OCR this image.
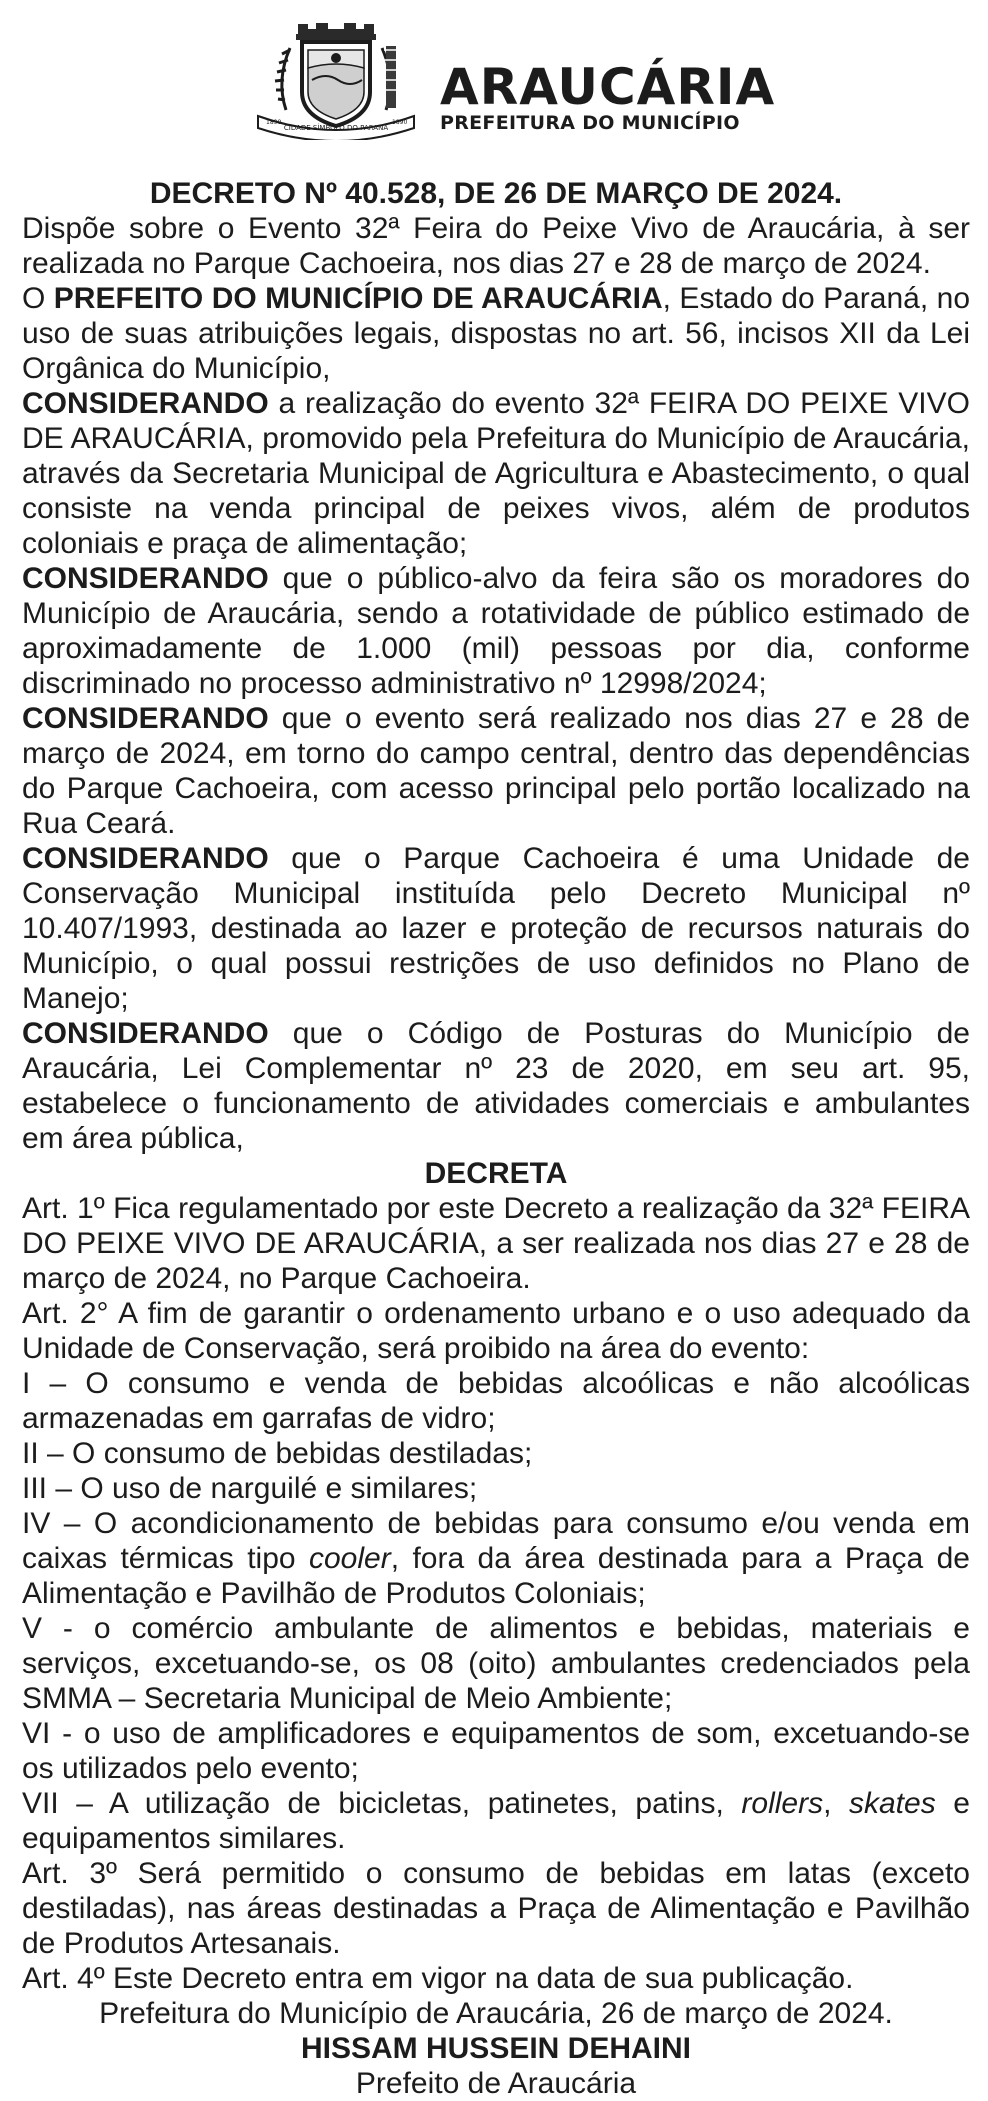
CIDADE SÍMBOLO DO PARANÁ
1890	1890
ARAUCÁRIA
PREFEITURA DO MUNICÍPIO

DECRETO Nº 40.528, DE 26 DE MARÇO DE 2024.

Dispõe sobre o Evento 32ª Feira do Peixe Vivo de Araucária, à ser realizada no Parque Cachoeira, nos dias 27 e 28 de março de 2024.

O PREFEITO DO MUNICÍPIO DE ARAUCÁRIA, Estado do Paraná, no uso de suas atribuições legais, dispostas no art. 56, incisos XII da Lei Orgânica do Município,

CONSIDERANDO a realização do evento 32ª FEIRA DO PEIXE VIVO DE ARAUCÁRIA, promovido pela Prefeitura do Município de Araucária, através da Secretaria Municipal de Agricultura e Abastecimento, o qual consiste na venda principal de peixes vivos, além de produtos coloniais e praça de alimentação;

CONSIDERANDO que o público-alvo da feira são os moradores do Município de Araucária, sendo a rotatividade de público estimado de aproximadamente de 1.000 (mil) pessoas por dia, conforme discriminado no processo administrativo nº 12998/2024;

CONSIDERANDO que o evento será realizado nos dias 27 e 28 de março de 2024, em torno do campo central, dentro das dependências do Parque Cachoeira, com acesso principal pelo portão localizado na Rua Ceará.

CONSIDERANDO que o Parque Cachoeira é uma Unidade de Conservação Municipal instituída pelo Decreto Municipal nº 10.407/1993, destinada ao lazer e proteção de recursos naturais do Município, o qual possui restrições de uso definidos no Plano de Manejo;

CONSIDERANDO que o Código de Posturas do Município de Araucária, Lei Complementar nº 23 de 2020, em seu art. 95, estabelece o funcionamento de atividades comerciais e ambulantes em área pública,

DECRETA

Art. 1º Fica regulamentado por este Decreto a realização da 32ª FEIRA DO PEIXE VIVO DE ARAUCÁRIA, a ser realizada nos dias 27 e 28 de março de 2024, no Parque Cachoeira.

Art. 2° A fim de garantir o ordenamento urbano e o uso adequado da Unidade de Conservação, será proibido na área do evento:

I – O consumo e venda de bebidas alcoólicas e não alcoólicas armazenadas em garrafas de vidro;

II – O consumo de bebidas destiladas;

III – O uso de narguilé e similares;

IV – O acondicionamento de bebidas para consumo e/ou venda em caixas térmicas tipo cooler, fora da área destinada para a Praça de Alimentação e Pavilhão de Produtos Coloniais;

V - o comércio ambulante de alimentos e bebidas, materiais e serviços, excetuando-se, os 08 (oito) ambulantes credenciados pela SMMA – Secretaria Municipal de Meio Ambiente;

VI - o uso de amplificadores e equipamentos de som, excetuando-se os utilizados pelo evento;

VII – A utilização de bicicletas, patinetes, patins, rollers, skates e equipamentos similares.

Art. 3º Será permitido o consumo de bebidas em latas (exceto destiladas), nas áreas destinadas a Praça de Alimentação e Pavilhão de Produtos Artesanais.

Art. 4º Este Decreto entra em vigor na data de sua publicação.

Prefeitura do Município de Araucária, 26 de março de 2024.

HISSAM HUSSEIN DEHAINI

Prefeito de Araucária
